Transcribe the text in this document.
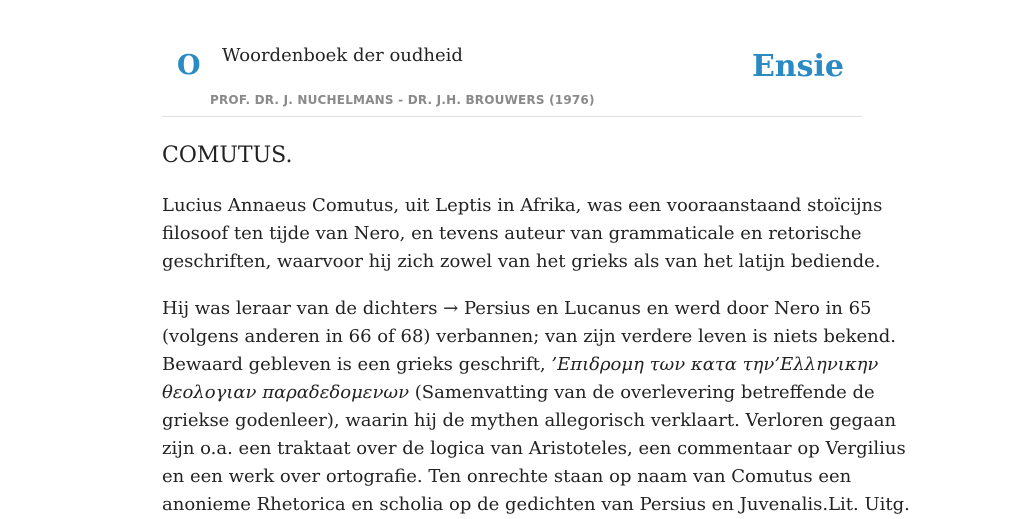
O Woordenboek der oudheid	Ensie
PROF. DR. J. NUCHELMANS - DR. J.H. BROUWERS (1976)
COMUTUS.
Lucius Annaeus Comutus, uit Leptis in Afrika, was een vooraanstaand stoïcijns
filosoof ten tijde van Nero, en tevens auteur van grammaticale en retorische
geschriften, waarvoor hij zich zowel van het grieks als van het latijn bediende.
Hij was leraar van de dichters → Persius en Lucanus en werd door Nero in 65
(volgens anderen in 66 of 68) verbannen; van zijn verdere leven is niets bekend.
Bewaard gebleven is een grieks geschrift, ’Επιδρομη των κατα την’Ελληνικην
θεολογιαν παραδεδομενων (Samenvatting van de overlevering betreffende de
griekse godenleer), waarin hij de mythen allegorisch verklaart. Verloren gegaan
zijn o.a. een traktaat over de logica van Aristoteles, een commentaar op Vergilius
en een werk over ortografie. Ten onrechte staan op naam van Comutus een
anonieme Rhetorica en scholia op de gedichten van Persius en Juvenalis.Lit. Uitg.
